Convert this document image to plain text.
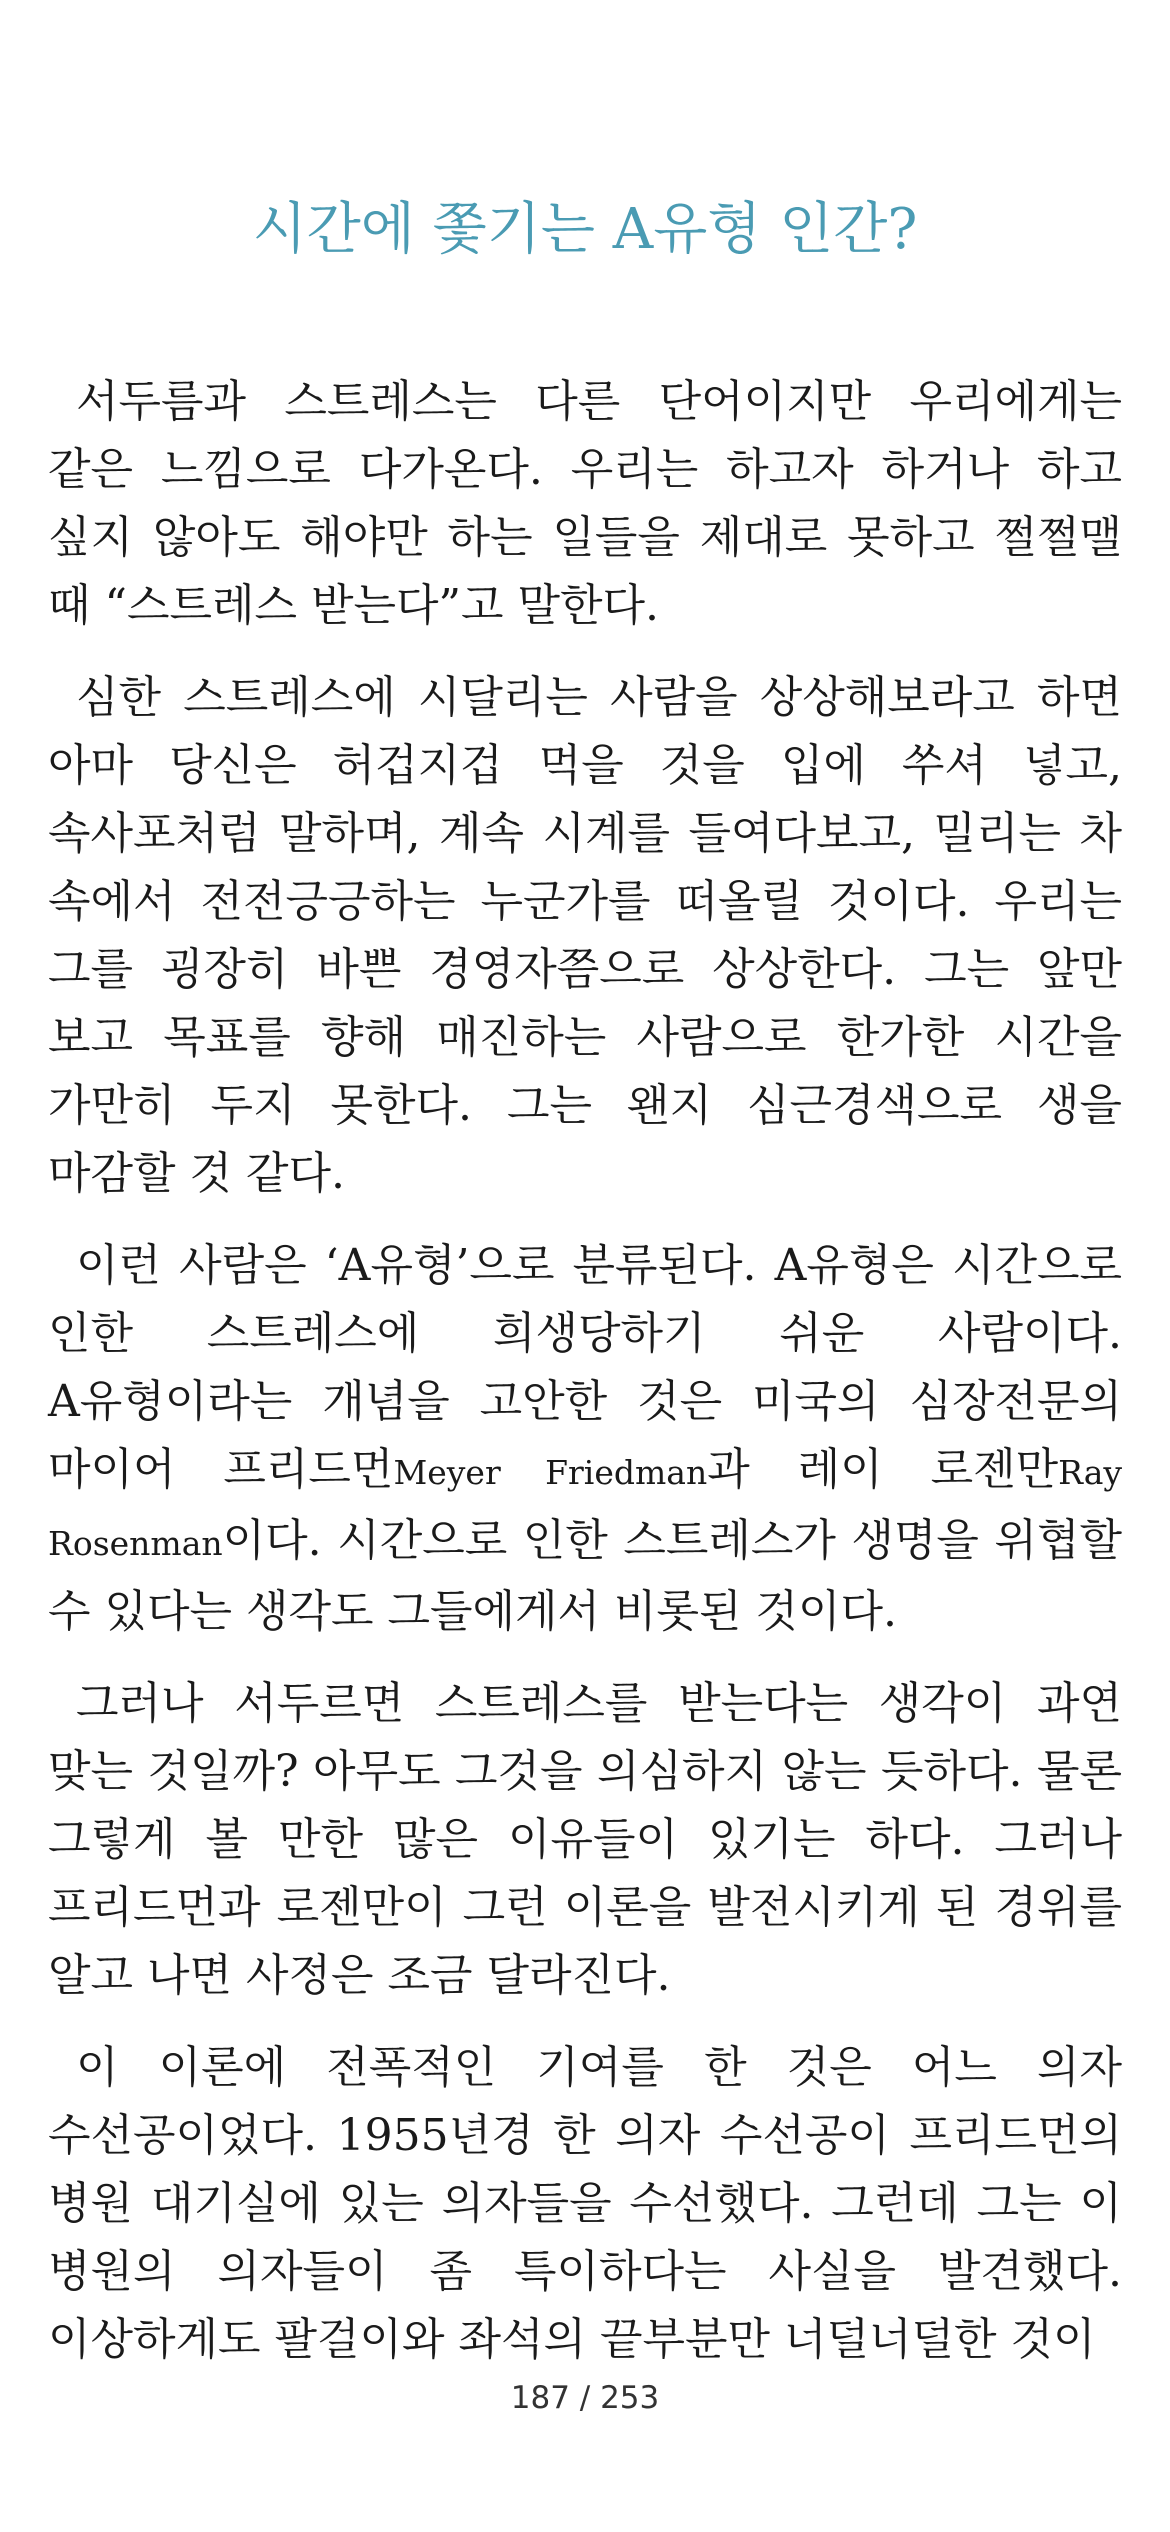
시간에 쫓기는 A유형 인간?

서두름과 스트레스는 다른 단어이지만 우리에게는 같은 느낌으로 다가온다. 우리는 하고자 하거나 하고 싶지 않아도 해야만 하는 일들을 제대로 못하고 쩔쩔맬 때 “스트레스 받는다”고 말한다.

심한 스트레스에 시달리는 사람을 상상해보라고 하면 아마 당신은 허겁지겁 먹을 것을 입에 쑤셔 넣고, 속사포처럼 말하며, 계속 시계를 들여다보고, 밀리는 차 속에서 전전긍긍하는 누군가를 떠올릴 것이다. 우리는 그를 굉장히 바쁜 경영자쯤으로 상상한다. 그는 앞만 보고 목표를 향해 매진하는 사람으로 한가한 시간을 가만히 두지 못한다. 그는 왠지 심근경색으로 생을 마감할 것 같다.

이런 사람은 ‘A유형’으로 분류된다. A유형은 시간으로 인한 스트레스에 희생당하기 쉬운 사람이다. A유형이라는 개념을 고안한 것은 미국의 심장전문의 마이어 프리드먼Meyer Friedman과 레이 로젠만Ray Rosenman이다. 시간으로 인한 스트레스가 생명을 위협할 수 있다는 생각도 그들에게서 비롯된 것이다.

그러나 서두르면 스트레스를 받는다는 생각이 과연 맞는 것일까? 아무도 그것을 의심하지 않는 듯하다. 물론 그렇게 볼 만한 많은 이유들이 있기는 하다. 그러나 프리드먼과 로젠만이 그런 이론을 발전시키게 된 경위를 알고 나면 사정은 조금 달라진다.

이 이론에 전폭적인 기여를 한 것은 어느 의자 수선공이었다. 1955년경 한 의자 수선공이 프리드먼의 병원 대기실에 있는 의자들을 수선했다. 그런데 그는 이 병원의 의자들이 좀 특이하다는 사실을 발견했다. 이상하게도 팔걸이와 좌석의 끝부분만 너덜너덜한 것이

187 / 253
